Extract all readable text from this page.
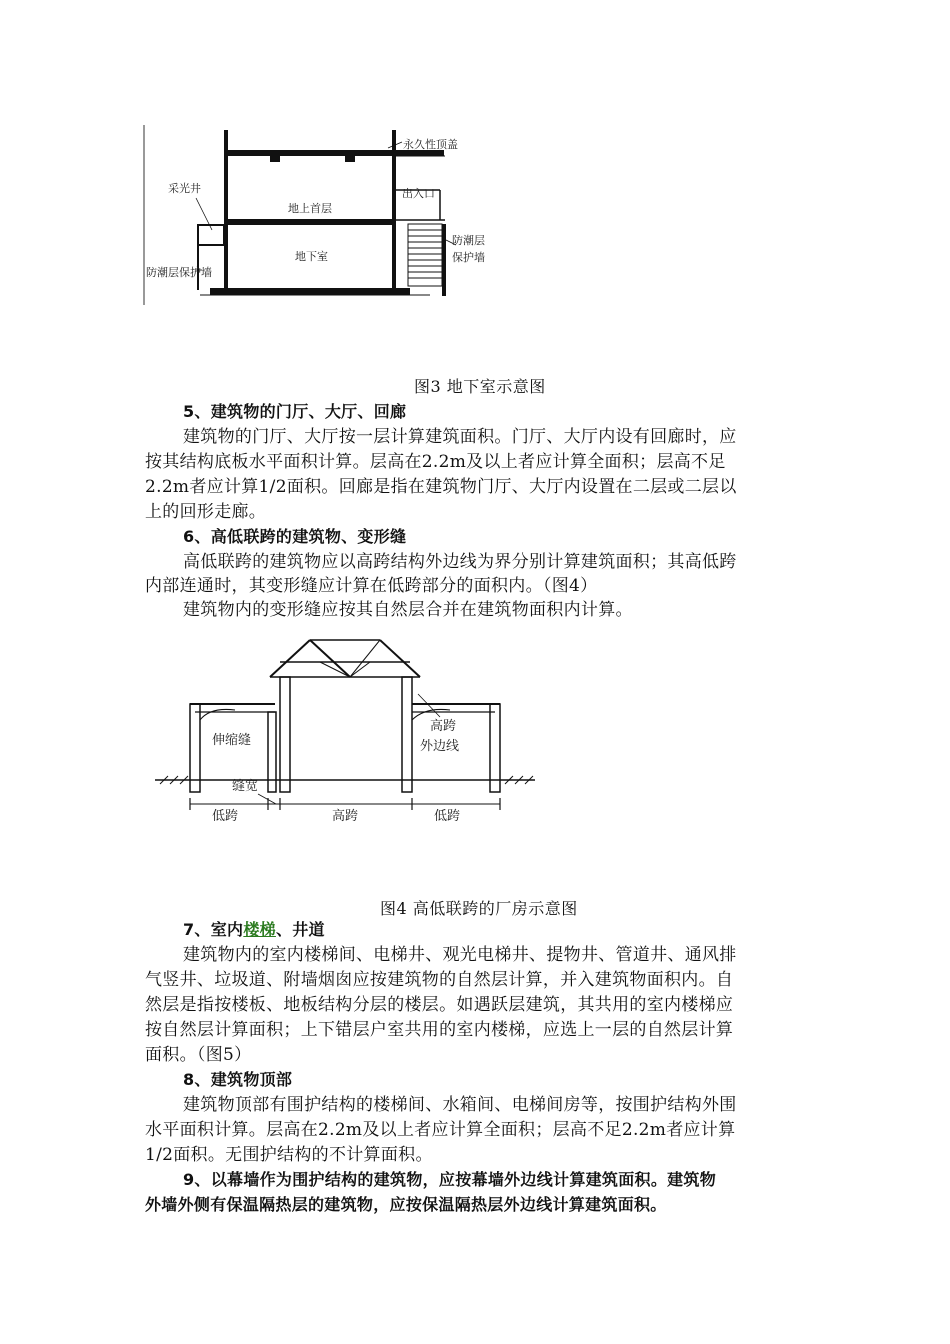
永久性顶盖
采光井
地上首层
出入口
地下室
防潮层
保护墙
防潮层保护墙
图3 地下室示意图
5、建筑物的门厅、大厅、回廊
建筑物的门厅、大厅按一层计算建筑面积。门厅、大厅内设有回廊时，应
按其结构底板水平面积计算。层高在2.2m及以上者应计算全面积；层高不足
2.2m者应计算1/2面积。回廊是指在建筑物门厅、大厅内设置在二层或二层以
上的回形走廊。
6、高低联跨的建筑物、变形缝
高低联跨的建筑物应以高跨结构外边线为界分别计算建筑面积；其高低跨
内部连通时，其变形缝应计算在低跨部分的面积内。（图4）
建筑物内的变形缝应按其自然层合并在建筑物面积内计算。
伸缩缝
高跨
外边线
缝宽
低跨	高跨	低跨
图4 高低联跨的厂房示意图
7、室内楼梯、井道
建筑物内的室内楼梯间、电梯井、观光电梯井、提物井、管道井、通风排
气竖井、垃圾道、附墙烟囱应按建筑物的自然层计算，并入建筑物面积内。自
然层是指按楼板、地板结构分层的楼层。如遇跃层建筑，其共用的室内楼梯应
按自然层计算面积；上下错层户室共用的室内楼梯，应选上一层的自然层计算
面积。（图5）
8、建筑物顶部
建筑物顶部有围护结构的楼梯间、水箱间、电梯间房等，按围护结构外围
水平面积计算。层高在2.2m及以上者应计算全面积；层高不足2.2m者应计算
1/2面积。无围护结构的不计算面积。
9、以幕墙作为围护结构的建筑物，应按幕墙外边线计算建筑面积。建筑物
外墙外侧有保温隔热层的建筑物，应按保温隔热层外边线计算建筑面积。
